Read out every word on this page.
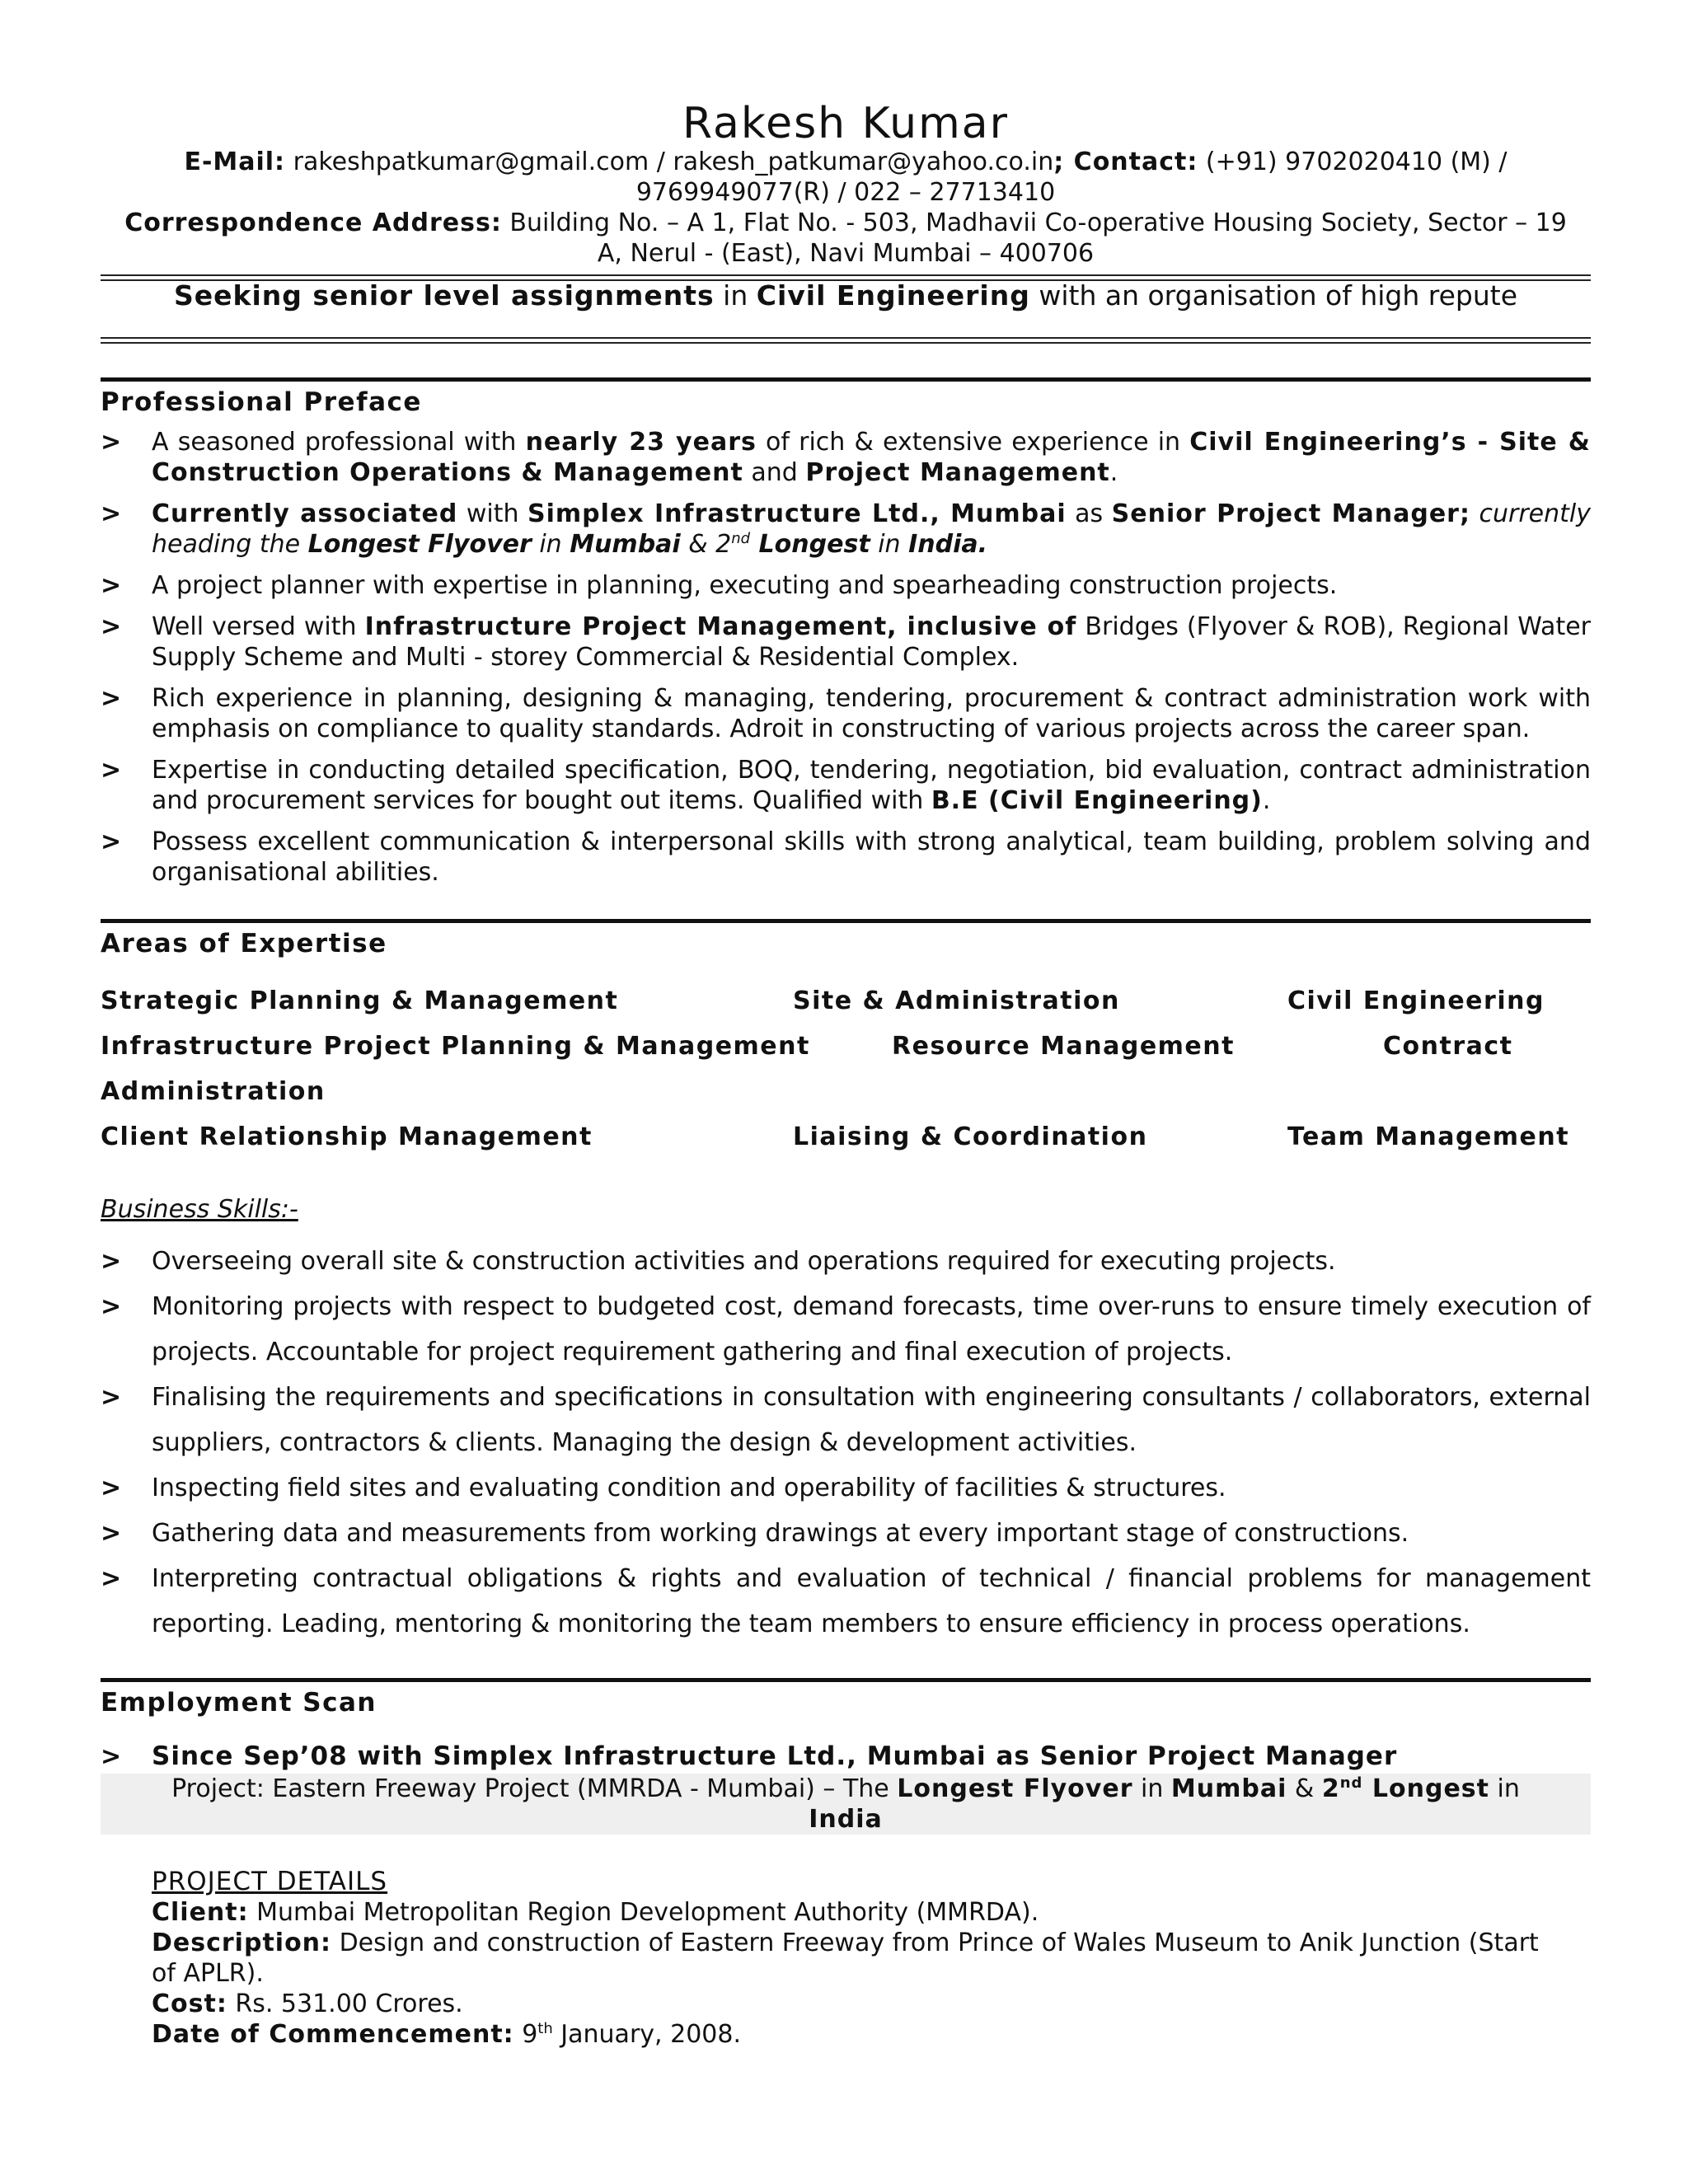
Rakesh Kumar
E-Mail: rakeshpatkumar@gmail.com / rakesh_patkumar@yahoo.co.in; Contact: (+91) 9702020410 (M) /
9769949077(R) / 022 – 27713410
Correspondence Address: Building No. – A 1, Flat No. - 503, Madhavii Co-operative Housing Society, Sector – 19
A, Nerul - (East), Navi Mumbai – 400706
Seeking senior level assignments in Civil Engineering with an organisation of high repute
Professional Preface
> A seasoned professional with nearly 23 years of rich & extensive experience in Civil Engineering’s - Site & Construction Operations & Management and Project Management.
> Currently associated with Simplex Infrastructure Ltd., Mumbai as Senior Project Manager; currently heading the Longest Flyover in Mumbai & 2nd Longest in India.
> A project planner with expertise in planning, executing and spearheading construction projects.
> Well versed with Infrastructure Project Management, inclusive of Bridges (Flyover & ROB), Regional Water Supply Scheme and Multi - storey Commercial & Residential Complex.
> Rich experience in planning, designing & managing, tendering, procurement & contract administration work with emphasis on compliance to quality standards. Adroit in constructing of various projects across the career span.
> Expertise in conducting detailed specification, BOQ, tendering, negotiation, bid evaluation, contract administration and procurement services for bought out items. Qualified with B.E (Civil Engineering).
> Possess excellent communication & interpersonal skills with strong analytical, team building, problem solving and organisational abilities.
Areas of Expertise
Strategic Planning & Management	Site & Administration	Civil Engineering
Infrastructure Project Planning & Management	Resource Management	Contract
Administration
Client Relationship Management	Liaising & Coordination	Team Management
Business Skills:-
> Overseeing overall site & construction activities and operations required for executing projects.
> Monitoring projects with respect to budgeted cost, demand forecasts, time over-runs to ensure timely execution of projects. Accountable for project requirement gathering and final execution of projects.
> Finalising the requirements and specifications in consultation with engineering consultants / collaborators, external suppliers, contractors & clients. Managing the design & development activities.
> Inspecting field sites and evaluating condition and operability of facilities & structures.
> Gathering data and measurements from working drawings at every important stage of constructions.
> Interpreting contractual obligations & rights and evaluation of technical / financial problems for management reporting. Leading, mentoring & monitoring the team members to ensure efficiency in process operations.
Employment Scan
> Since Sep’08 with Simplex Infrastructure Ltd., Mumbai as Senior Project Manager
Project: Eastern Freeway Project (MMRDA - Mumbai) – The Longest Flyover in Mumbai & 2nd Longest in
India
PROJECT DETAILS
Client: Mumbai Metropolitan Region Development Authority (MMRDA).
Description: Design and construction of Eastern Freeway from Prince of Wales Museum to Anik Junction (Start of APLR).
Cost: Rs. 531.00 Crores.
Date of Commencement: 9th January, 2008.
